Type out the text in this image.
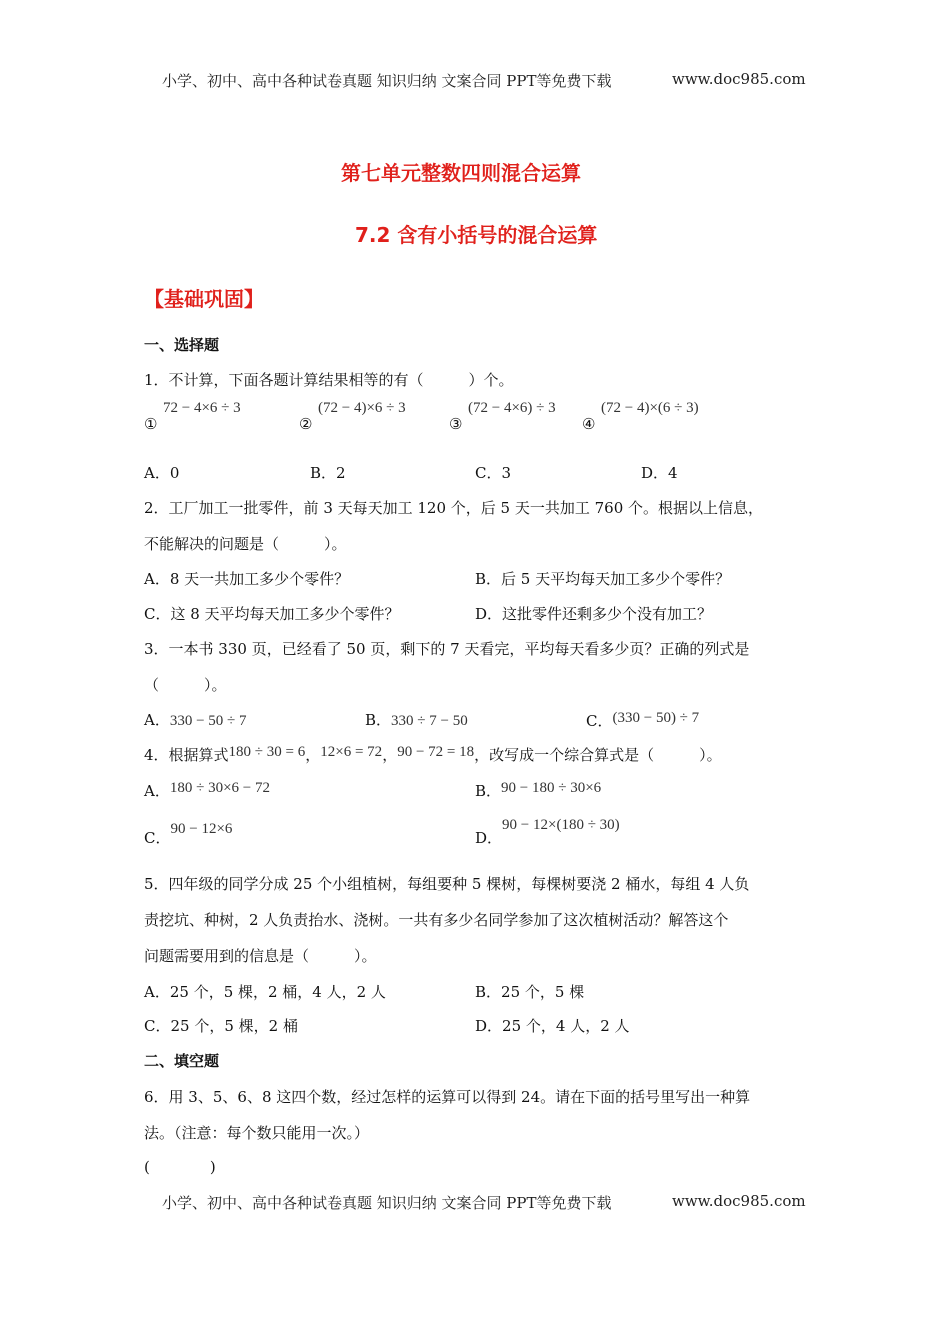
小学、初中、高中各种试卷真题 知识归纳 文案合同 PPT等免费下载	www.doc985.com
第七单元整数四则混合运算
7.2 含有小括号的混合运算
【基础巩固】
一、选择题
1．不计算，下面各题计算结果相等的有（　　　）个。
①
72 − 4×6 ÷ 3
②
(72 − 4)×6 ÷ 3
③
(72 − 4×6) ÷ 3
④
(72 − 4)×(6 ÷ 3)
A．0	B．2	C．3	D．4
2．工厂加工一批零件，前 3 天每天加工 120 个，后 5 天一共加工 760 个。根据以上信息，
不能解决的问题是（　　　）。
A．8 天一共加工多少个零件？	B．后 5 天平均每天加工多少个零件？
C．这 8 天平均每天加工多少个零件？	D．这批零件还剩多少个没有加工？
3．一本书 330 页，已经看了 50 页，剩下的 7 天看完，平均每天看多少页？正确的列式是
（　　　）。
A．330 − 50 ÷ 7	B．330 ÷ 7 − 50	C．(330 − 50) ÷ 7
4．根据算式180 ÷ 30 = 6，12×6 = 72，90 − 72 = 18，改写成一个综合算式是（　　　）。
A．180 ÷ 30×6 − 72	B．90 − 180 ÷ 30×6
C．90 − 12×6	D．90 − 12×(180 ÷ 30)
5．四年级的同学分成 25 个小组植树，每组要种 5 棵树，每棵树要浇 2 桶水，每组 4 人负
责挖坑、种树，2 人负责抬水、浇树。一共有多少名同学参加了这次植树活动？解答这个
问题需要用到的信息是（　　　）。
A．25 个，5 棵，2 桶，4 人，2 人	B．25 个，5 棵
C．25 个，5 棵，2 桶	D．25 个，4 人，2 人
二、填空题
6．用 3、5、6、8 这四个数，经过怎样的运算可以得到 24。请在下面的括号里写出一种算
法。（注意：每个数只能用一次。）
(　　　　)
小学、初中、高中各种试卷真题 知识归纳 文案合同 PPT等免费下载	www.doc985.com
